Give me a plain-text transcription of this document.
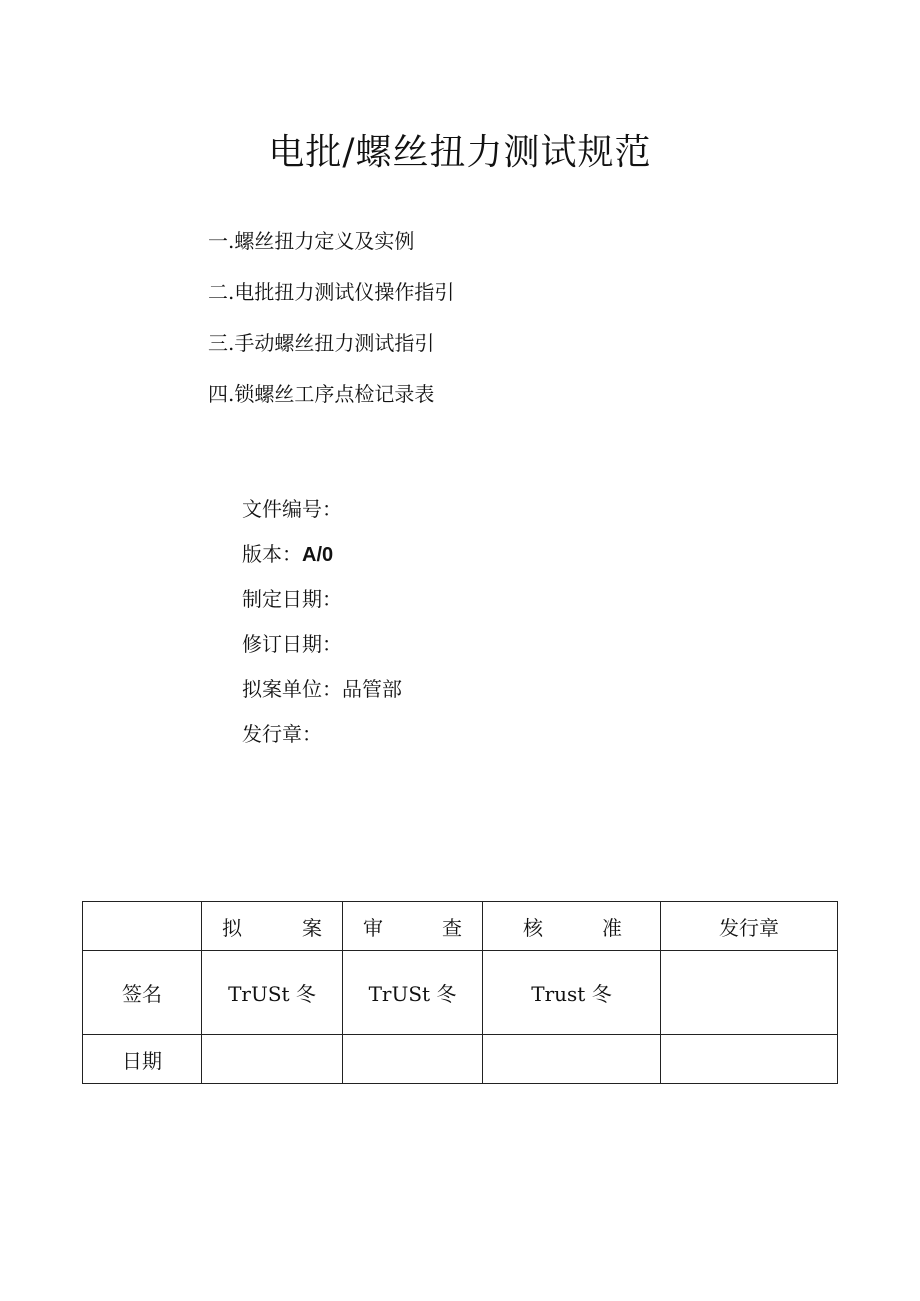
电批/螺丝扭力测试规范
一.螺丝扭力定义及实例
二.电批扭力测试仪操作指引
三.手动螺丝扭力测试指引
四.锁螺丝工序点检记录表
文件编号：
版本：A/0
制定日期：
修订日期：
拟案单位：品管部
发行章：

	拟 案	审 查	核 准	发行章
签名	TrUSt 冬	TrUSt 冬	Trust 冬	
日期				
